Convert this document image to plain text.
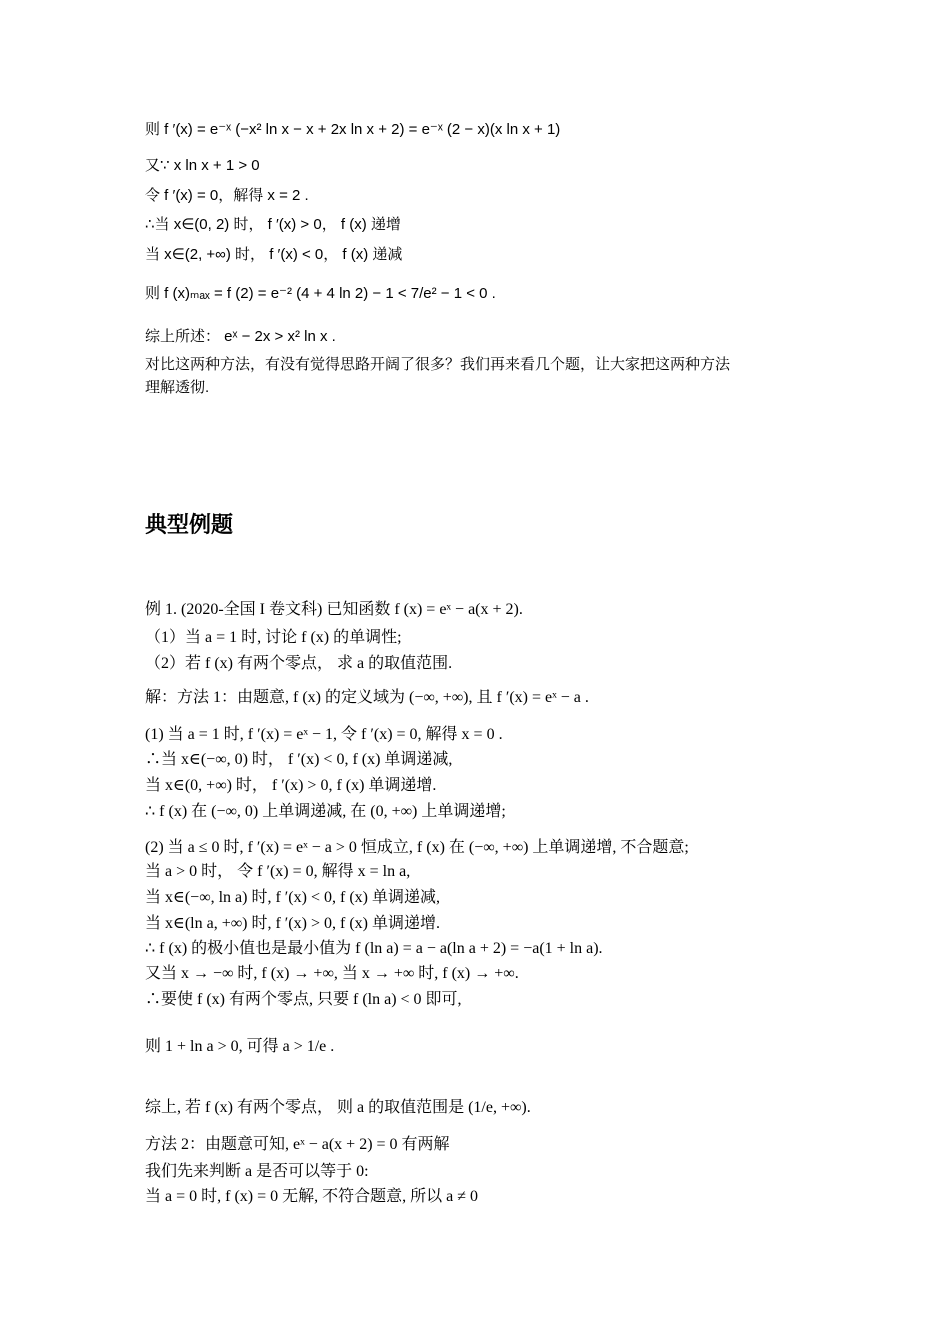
则 f ′(x) = e⁻ˣ (−x² ln x − x + 2x ln x + 2) = e⁻ˣ (2 − x)(x ln x + 1)
又∵ x ln x + 1 > 0
令 f ′(x) = 0，解得 x = 2 .
∴当 x∈(0, 2) 时， f ′(x) > 0， f (x) 递增
当 x∈(2, +∞) 时， f ′(x) < 0， f (x) 递减
则 f (x)ₘₐₓ = f (2) = e⁻² (4 + 4 ln 2) − 1 < 7/e² − 1 < 0 .
综上所述： eˣ − 2x > x² ln x .
对比这两种方法，有没有觉得思路开阔了很多？我们再来看几个题，让大家把这两种方法
理解透彻.
典型例题
例 1. (2020-全国 I 卷文科) 已知函数 f (x) = eˣ − a(x + 2).
（1）当 a = 1 时, 讨论 f (x) 的单调性;
（2）若 f (x) 有两个零点， 求 a 的取值范围.
解：方法 1：由题意, f (x) 的定义域为 (−∞, +∞), 且 f ′(x) = eˣ − a .
(1) 当 a = 1 时, f ′(x) = eˣ − 1, 令 f ′(x) = 0, 解得 x = 0 .
∴当 x∈(−∞, 0) 时， f ′(x) < 0, f (x) 单调递减,
当 x∈(0, +∞) 时， f ′(x) > 0, f (x) 单调递增.
∴ f (x) 在 (−∞, 0) 上单调递减, 在 (0, +∞) 上单调递增;
(2) 当 a ≤ 0 时, f ′(x) = eˣ − a > 0 恒成立, f (x) 在 (−∞, +∞) 上单调递增, 不合题意;
当 a > 0 时， 令 f ′(x) = 0, 解得 x = ln a,
当 x∈(−∞, ln a) 时, f ′(x) < 0, f (x) 单调递减,
当 x∈(ln a, +∞) 时, f ′(x) > 0, f (x) 单调递增.
∴ f (x) 的极小值也是最小值为 f (ln a) = a − a(ln a + 2) = −a(1 + ln a).
又当 x → −∞ 时, f (x) → +∞, 当 x → +∞ 时, f (x) → +∞.
∴要使 f (x) 有两个零点, 只要 f (ln a) < 0 即可,
则 1 + ln a > 0, 可得 a > 1/e .
综上, 若 f (x) 有两个零点， 则 a 的取值范围是 (1/e, +∞).
方法 2：由题意可知, eˣ − a(x + 2) = 0 有两解
我们先来判断 a 是否可以等于 0:
当 a = 0 时, f (x) = 0 无解, 不符合题意, 所以 a ≠ 0
